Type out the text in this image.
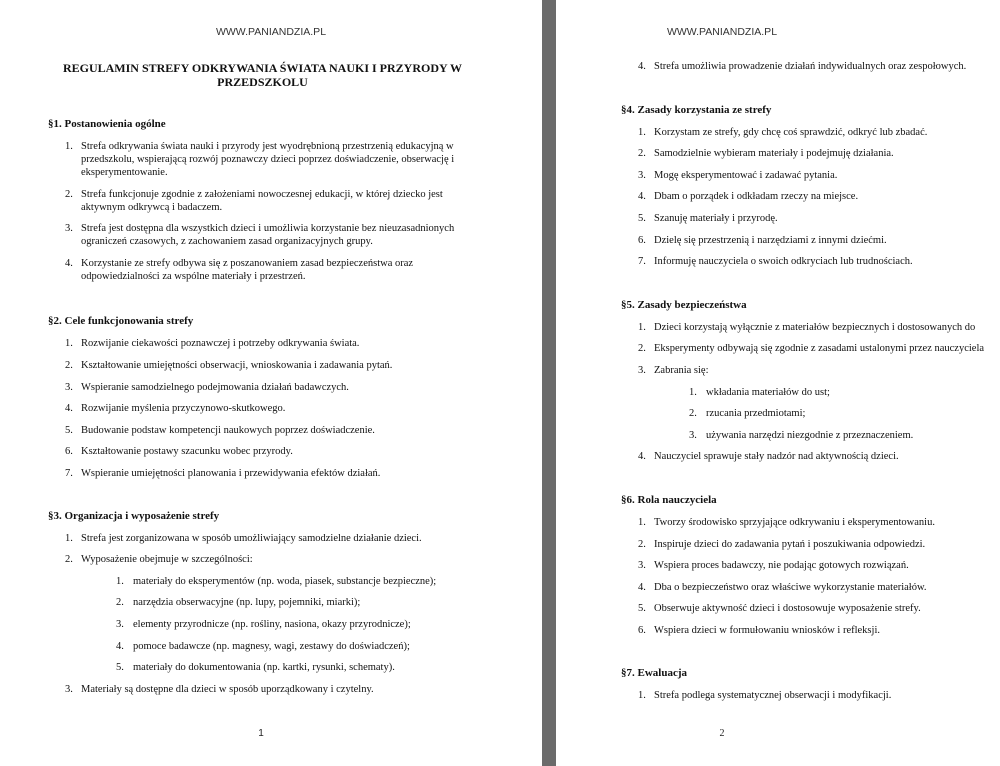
WWW.PANIANDZIA.PL
REGULAMIN STREFY ODKRYWANIA ŚWIATA NAUKI I PRZYRODY W PRZEDSZKOLU
§1. Postanowienia ogólne
1. Strefa odkrywania świata nauki i przyrody jest wyodrębnioną przestrzenią edukacyjną w przedszkolu, wspierającą rozwój poznawczy dzieci poprzez doświadczenie, obserwację i eksperymentowanie.
2. Strefa funkcjonuje zgodnie z założeniami nowoczesnej edukacji, w której dziecko jest aktywnym odkrywcą i badaczem.
3. Strefa jest dostępna dla wszystkich dzieci i umożliwia korzystanie bez nieuzasadnionych ograniczeń czasowych, z zachowaniem zasad organizacyjnych grupy.
4. Korzystanie ze strefy odbywa się z poszanowaniem zasad bezpieczeństwa oraz odpowiedzialności za wspólne materiały i przestrzeń.
§2. Cele funkcjonowania strefy
1. Rozwijanie ciekawości poznawczej i potrzeby odkrywania świata.
2. Kształtowanie umiejętności obserwacji, wnioskowania i zadawania pytań.
3. Wspieranie samodzielnego podejmowania działań badawczych.
4. Rozwijanie myślenia przyczynowo-skutkowego.
5. Budowanie podstaw kompetencji naukowych poprzez doświadczenie.
6. Kształtowanie postawy szacunku wobec przyrody.
7. Wspieranie umiejętności planowania i przewidywania efektów działań.
§3. Organizacja i wyposażenie strefy
1. Strefa jest zorganizowana w sposób umożliwiający samodzielne działanie dzieci.
2. Wyposażenie obejmuje w szczególności:
1. materiały do eksperymentów (np. woda, piasek, substancje bezpieczne);
2. narzędzia obserwacyjne (np. lupy, pojemniki, miarki);
3. elementy przyrodnicze (np. rośliny, nasiona, okazy przyrodnicze);
4. pomoce badawcze (np. magnesy, wagi, zestawy do doświadczeń);
5. materiały do dokumentowania (np. kartki, rysunki, schematy).
3. Materiały są dostępne dla dzieci w sposób uporządkowany i czytelny.
1
WWW.PANIANDZIA.PL
4. Strefa umożliwia prowadzenie działań indywidualnych oraz zespołowych.
§4. Zasady korzystania ze strefy
1. Korzystam ze strefy, gdy chcę coś sprawdzić, odkryć lub zbadać.
2. Samodzielnie wybieram materiały i podejmuję działania.
3. Mogę eksperymentować i zadawać pytania.
4. Dbam o porządek i odkładam rzeczy na miejsce.
5. Szanuję materiały i przyrodę.
6. Dzielę się przestrzenią i narzędziami z innymi dziećmi.
7. Informuję nauczyciela o swoich odkryciach lub trudnościach.
§5. Zasady bezpieczeństwa
1. Dzieci korzystają wyłącznie z materiałów bezpiecznych i dostosowanych do
2. Eksperymenty odbywają się zgodnie z zasadami ustalonymi przez nauczyciela
3. Zabrania się:
1. wkładania materiałów do ust;
2. rzucania przedmiotami;
3. używania narzędzi niezgodnie z przeznaczeniem.
4. Nauczyciel sprawuje stały nadzór nad aktywnością dzieci.
§6. Rola nauczyciela
1. Tworzy środowisko sprzyjające odkrywaniu i eksperymentowaniu.
2. Inspiruje dzieci do zadawania pytań i poszukiwania odpowiedzi.
3. Wspiera proces badawczy, nie podając gotowych rozwiązań.
4. Dba o bezpieczeństwo oraz właściwe wykorzystanie materiałów.
5. Obserwuje aktywność dzieci i dostosowuje wyposażenie strefy.
6. Wspiera dzieci w formułowaniu wniosków i refleksji.
§7. Ewaluacja
1. Strefa podlega systematycznej obserwacji i modyfikacji.
2
